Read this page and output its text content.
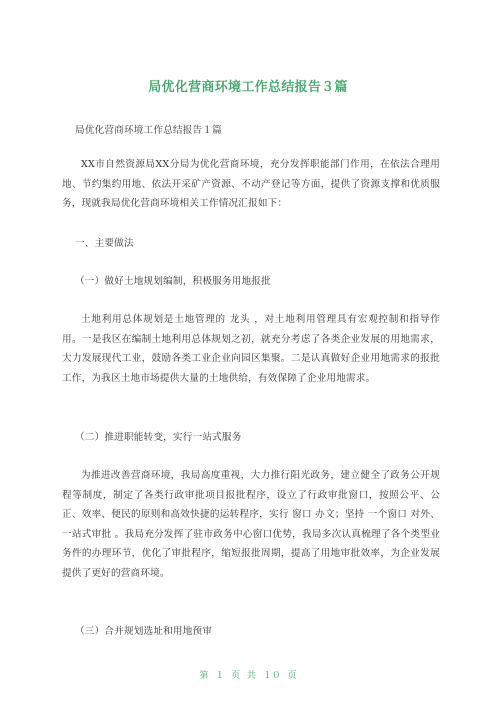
局优化营商环境工作总结报告３篇

局优化营商环境工作总结报告１篇

XX市自然资源局XX分局为优化营商环境，充分发挥职能部门作用，在依法合理用地、节约集约用地、依法开采矿产资源、不动产登记等方面，提供了资源支撑和优质服务，现就我局优化营商环境相关工作情况汇报如下：

一、主要做法

（一）做好土地规划编制，积极服务用地报批

土地利用总体规划是土地管理的 龙头 ，对土地利用管理具有宏观控制和指导作用。一是我区在编制土地利用总体规划之初，就充分考虑了各类企业发展的用地需求，大力发展现代工业，鼓励各类工业企业向园区集聚。二是认真做好企业用地需求的报批工作，为我区土地市场提供大量的土地供给，有效保障了企业用地需求。

（二）推进职能转变，实行一站式服务

为推进改善营商环境，我局高度重视，大力推行阳光政务，建立健全了政务公开规程等制度，制定了各类行政审批项目报批程序，设立了行政审批窗口，按照公平、公正、效率、便民的原则和高效快捷的运转程序，实行 窗口 办文；坚持 一个窗口 对外、 一站式审批 。我局充分发挥了驻市政务中心窗口优势，我局多次认真梳理了各个类型业务件的办理环节，优化了审批程序，缩短报批周期，提高了用地审批效率，为企业发展提供了更好的营商环境。

（三）合并规划选址和用地预审

第 １ 页 共 １０ 页
